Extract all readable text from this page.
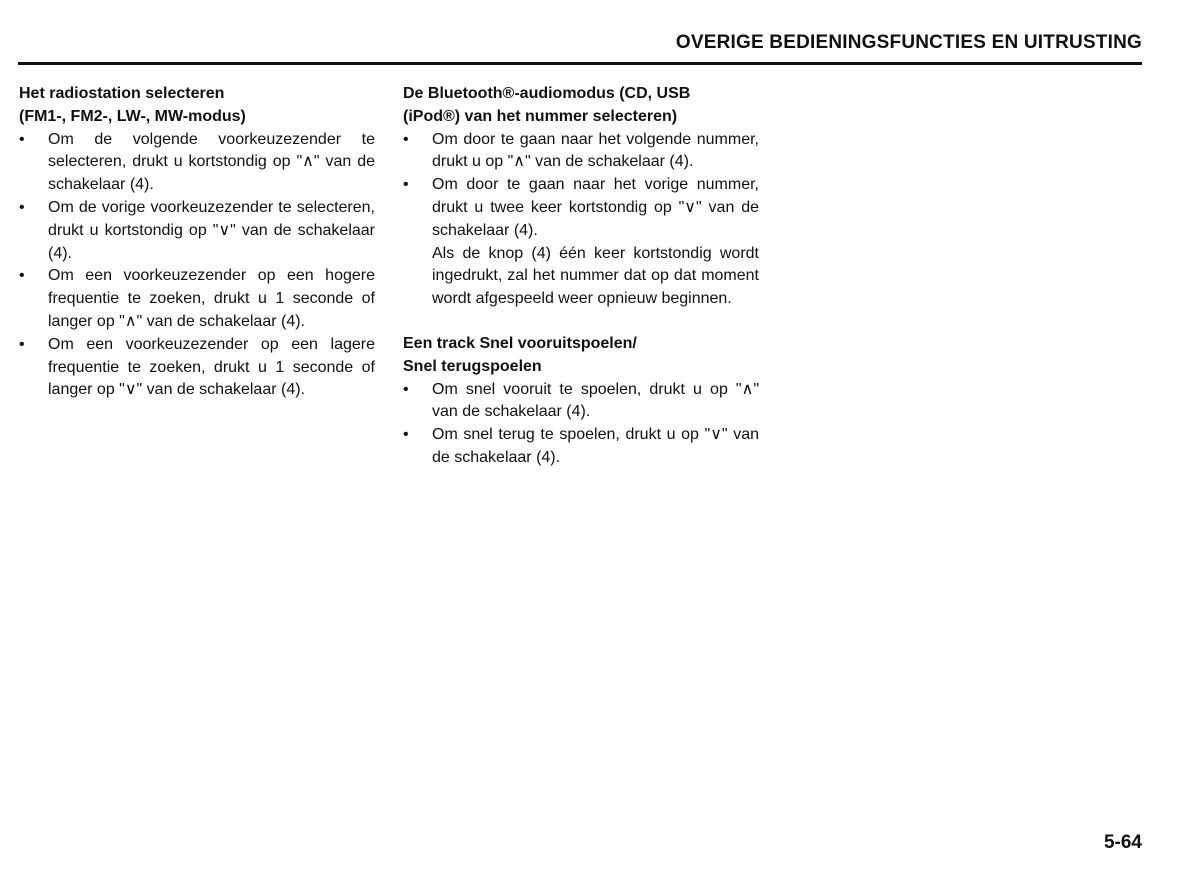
OVERIGE BEDIENINGSFUNCTIES EN UITRUSTING

Het radiostation selecteren
(FM1-, FM2-, LW-, MW-modus)

• Om de volgende voorkeuzezender te selecteren, drukt u kortstondig op "∧" van de schakelaar (4).
• Om de vorige voorkeuzezender te selecteren, drukt u kortstondig op "∨" van de schakelaar (4).
• Om een voorkeuzezender op een hogere frequentie te zoeken, drukt u 1 seconde of langer op "∧" van de schakelaar (4).
• Om een voorkeuzezender op een lagere frequentie te zoeken, drukt u 1 seconde of langer op "∨" van de schakelaar (4).

De Bluetooth®-audiomodus (CD, USB
(iPod®) van het nummer selecteren)

• Om door te gaan naar het volgende nummer, drukt u op "∧" van de schakelaar (4).
• Om door te gaan naar het vorige nummer, drukt u twee keer kortstondig op "∨" van de schakelaar (4).
Als de knop (4) één keer kortstondig wordt ingedrukt, zal het nummer dat op dat moment wordt afgespeeld weer opnieuw beginnen.

Een track Snel vooruitspoelen/
Snel terugspoelen

• Om snel vooruit te spoelen, drukt u op "∧" van de schakelaar (4).
• Om snel terug te spoelen, drukt u op "∨" van de schakelaar (4).
5-64
